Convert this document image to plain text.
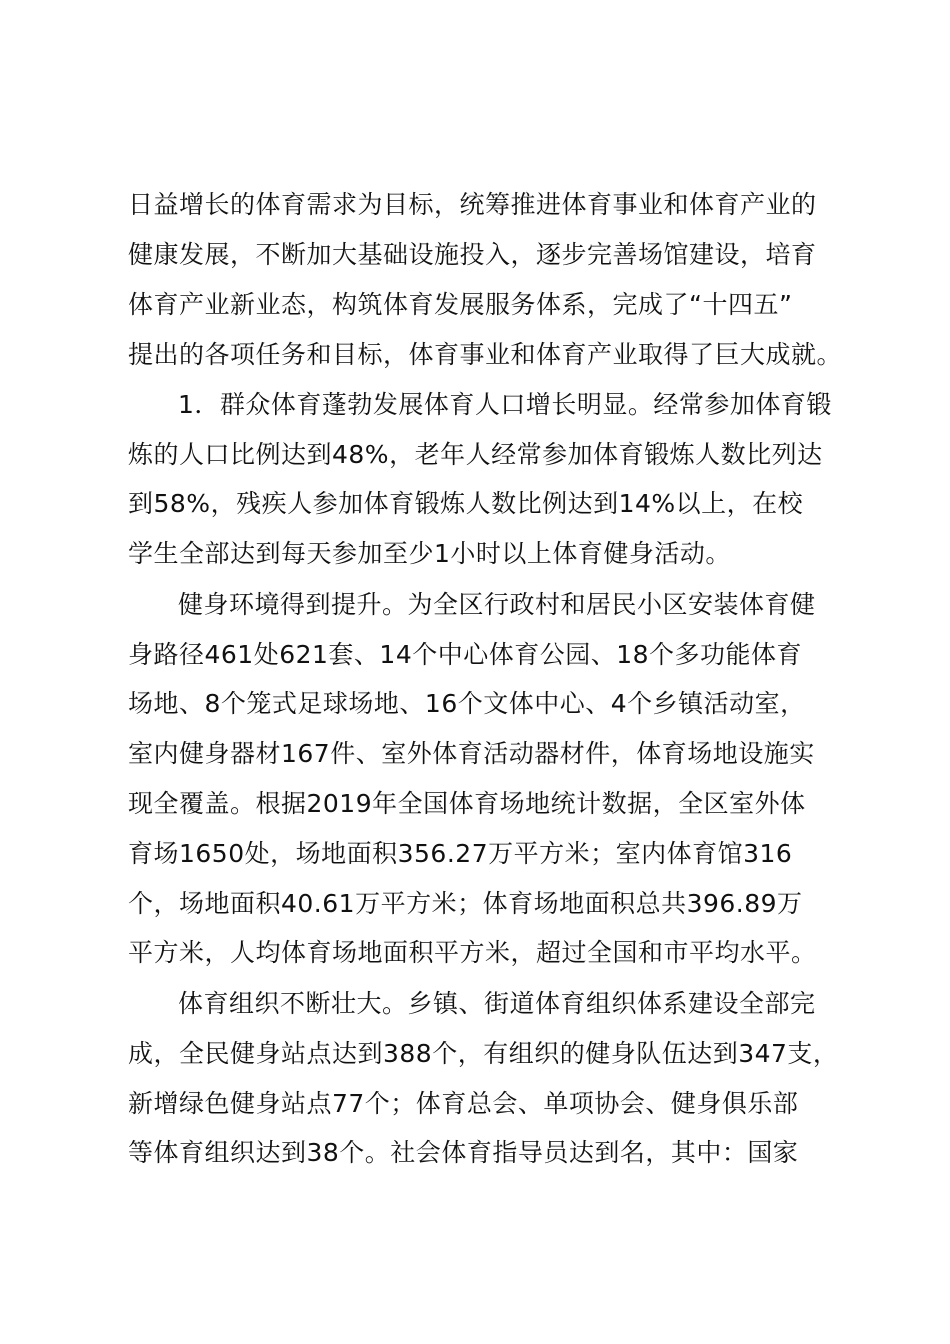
日益增长的体育需求为目标，统筹推进体育事业和体育产业的
健康发展，不断加大基础设施投入，逐步完善场馆建设，培育
体育产业新业态，构筑体育发展服务体系，完成了“十四五”
提出的各项任务和目标，体育事业和体育产业取得了巨大成就。
1．群众体育蓬勃发展体育人口增长明显。经常参加体育锻
炼的人口比例达到48%，老年人经常参加体育锻炼人数比列达
到58%，残疾人参加体育锻炼人数比例达到14%以上，在校
学生全部达到每天参加至少1小时以上体育健身活动。
健身环境得到提升。为全区行政村和居民小区安装体育健
身路径461处621套、14个中心体育公园、18个多功能体育
场地、8个笼式足球场地、16个文体中心、4个乡镇活动室，
室内健身器材167件、室外体育活动器材件，体育场地设施实
现全覆盖。根据2019年全国体育场地统计数据，全区室外体
育场1650处，场地面积356.27万平方米；室内体育馆316
个，场地面积40.61万平方米；体育场地面积总共396.89万
平方米，人均体育场地面积平方米，超过全国和市平均水平。
体育组织不断壮大。乡镇、街道体育组织体系建设全部完
成，全民健身站点达到388个，有组织的健身队伍达到347支，
新增绿色健身站点77个；体育总会、单项协会、健身俱乐部
等体育组织达到38个。社会体育指导员达到名，其中：国家
